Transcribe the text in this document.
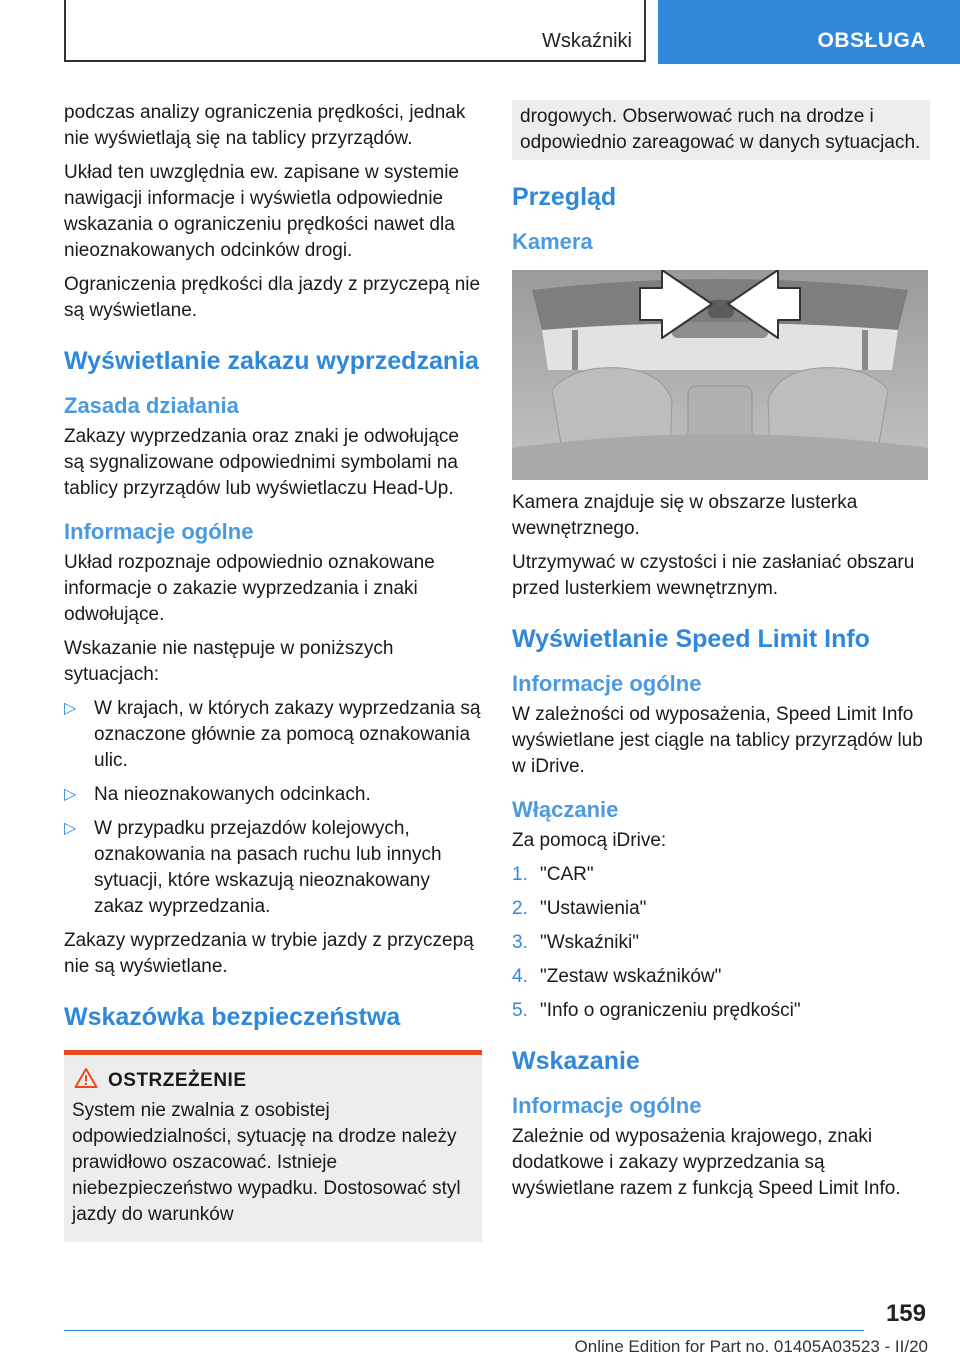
Wskaźniki	OBSŁUGA

podczas analizy ograniczenia prędkości, jednak nie wyświetlają się na tablicy przyrządów.

Układ ten uwzględnia ew. zapisane w systemie nawigacji informacje i wyświetla odpowiednie wskazania o ograniczeniu prędkości nawet dla nieoznakowanych odcinków drogi.

Ograniczenia prędkości dla jazdy z przyczepą nie są wyświetlane.

Wyświetlanie zakazu wyprzedzania
Zasada działania

Zakazy wyprzedzania oraz znaki je odwołujące są sygnalizowane odpowiednimi symbolami na tablicy przyrządów lub wyświetlaczu Head-Up.

Informacje ogólne

Układ rozpoznaje odpowiednio oznakowane informacje o zakazie wyprzedzania i znaki odwołujące.

Wskazanie nie następuje w poniższych sytuacjach:

▷ W krajach, w których zakazy wyprzedzania są oznaczone głównie za pomocą oznakowania ulic.
▷ Na nieoznakowanych odcinkach.
▷ W przypadku przejazdów kolejowych, oznakowania na pasach ruchu lub innych sytuacji, które wskazują nieoznakowany zakaz wyprzedzania.

Zakazy wyprzedzania w trybie jazdy z przyczepą nie są wyświetlane.

Wskazówka bezpieczeństwa
OSTRZEŻENIE

System nie zwalnia z osobistej odpowiedzialności, sytuację na drodze należy prawidłowo oszacować. Istnieje niebezpieczeństwo wypadku. Dostosować styl jazdy do warunków

drogowych. Obserwować ruch na drodze i odpowiednio zareagować w danych sytuacjach.

Przegląd
Kamera

Kamera znajduje się w obszarze lusterka wewnętrznego.

Utrzymywać w czystości i nie zasłaniać obszaru przed lusterkiem wewnętrznym.

Wyświetlanie Speed Limit Info
Informacje ogólne

W zależności od wyposażenia, Speed Limit Info wyświetlane jest ciągle na tablicy przyrządów lub w iDrive.

Włączanie

Za pomocą iDrive:

1. "CAR"
2. "Ustawienia"
3. "Wskaźniki"
4. "Zestaw wskaźników"
5. "Info o ograniczeniu prędkości"
Wskazanie
Informacje ogólne

Zależnie od wyposażenia krajowego, znaki dodatkowe i zakazy wyprzedzania są wyświetlane razem z funkcją Speed Limit Info.

159
Online Edition for Part no. 01405A03523 - II/20
